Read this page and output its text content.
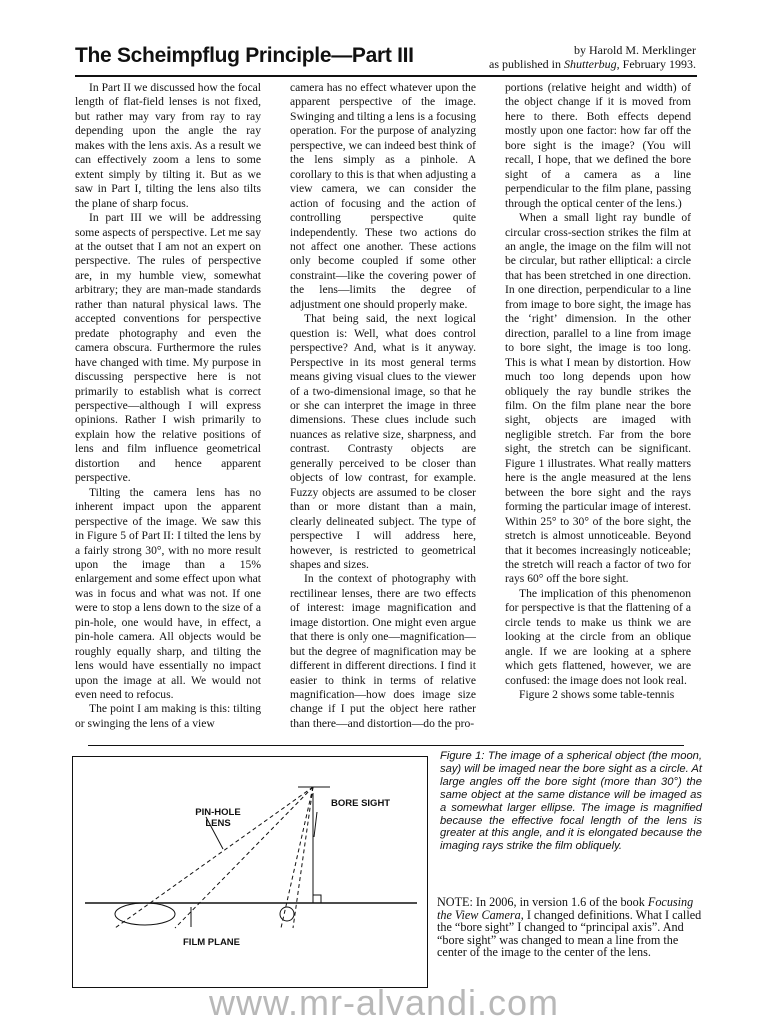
The Scheimpflug Principle—Part III	by Harold M. Merklinger
as published in Shutterbug, February 1993.

In Part II we discussed how the focal length of flat-field lenses is not fixed, but rather may vary from ray to ray depending upon the angle the ray makes with the lens axis. As a result we can effectively zoom a lens to some extent simply by tilting it. But as we saw in Part I, tilting the lens also tilts the plane of sharp focus.

In part III we will be addressing some aspects of perspective. Let me say at the outset that I am not an expert on perspective. The rules of perspective are, in my humble view, somewhat arbitrary; they are man-made standards rather than natural physical laws. The accepted conventions for perspective predate photography and even the camera obscura. Furthermore the rules have changed with time. My purpose in discussing perspective here is not primarily to establish what is correct perspective—although I will express opinions. Rather I wish primarily to explain how the relative positions of lens and film influence geometrical distortion and hence apparent perspective.

Tilting the camera lens has no inherent impact upon the apparent perspective of the image. We saw this in Figure 5 of Part II: I tilted the lens by a fairly strong 30°, with no more result upon the image than a 15% enlargement and some effect upon what was in focus and what was not. If one were to stop a lens down to the size of a pin-hole, one would have, in effect, a pin-hole camera. All objects would be roughly equally sharp, and tilting the lens would have essentially no impact upon the image at all. We would not even need to refocus.

The point I am making is this: tilting or swinging the lens of a view

camera has no effect whatever upon the apparent perspective of the image. Swinging and tilting a lens is a focusing operation. For the purpose of analyzing perspective, we can indeed best think of the lens simply as a pinhole. A corollary to this is that when adjusting a view camera, we can consider the action of focusing and the action of controlling perspective quite independently. These two actions do not affect one another. These actions only become coupled if some other constraint—like the covering power of the lens—limits the degree of adjustment one should properly make.

That being said, the next logical question is: Well, what does control perspective? And, what is it anyway. Perspective in its most general terms means giving visual clues to the viewer of a two-dimensional image, so that he or she can interpret the image in three dimensions. These clues include such nuances as relative size, sharpness, and contrast. Contrasty objects are generally perceived to be closer than objects of low contrast, for example. Fuzzy objects are assumed to be closer than or more distant than a main, clearly delineated subject. The type of perspective I will address here, however, is restricted to geometrical shapes and sizes.

In the context of photography with rectilinear lenses, there are two effects of interest: image magnification and image distortion. One might even argue that there is only one—magnification—but the degree of magnification may be different in different directions. I find it easier to think in terms of relative magnification—how does image size change if I put the object here rather than there—and distortion—do the pro-

portions (relative height and width) of the object change if it is moved from here to there. Both effects depend mostly upon one factor: how far off the bore sight is the image? (You will recall, I hope, that we defined the bore sight of a camera as a line perpendicular to the film plane, passing through the optical center of the lens.)

When a small light ray bundle of circular cross-section strikes the film at an angle, the image on the film will not be circular, but rather elliptical: a circle that has been stretched in one direction. In one direction, perpendicular to a line from image to bore sight, the image has the ‘right’ dimension. In the other direction, parallel to a line from image to bore sight, the image is too long. This is what I mean by distortion. How much too long depends upon how obliquely the ray bundle strikes the film. On the film plane near the bore sight, objects are imaged with negligible stretch. Far from the bore sight, the stretch can be significant. Figure 1 illustrates. What really matters here is the angle measured at the lens between the bore sight and the rays forming the particular image of interest. Within 25° to 30° of the bore sight, the stretch is almost unnoticeable. Beyond that it becomes increasingly noticeable; the stretch will reach a factor of two for rays 60° off the bore sight.

The implication of this phenomenon for perspective is that the flattening of a circle tends to make us think we are looking at the circle from an oblique angle. If we are looking at a sphere which gets flattened, however, we are confused: the image does not look real.

Figure 2 shows some table-tennis

PIN-HOLE
LENS
BORE SIGHT
FILM PLANE
Figure 1: The image of a spherical object (the moon, say) will be imaged near the bore sight as a circle. At large angles off the bore sight (more than 30°) the same object at the same distance will be imaged as a somewhat larger ellipse. The image is magnified because the effective focal length of the lens is greater at this angle, and it is elongated because the imaging rays strike the film obliquely.
NOTE: In 2006, in version 1.6 of the book Focusing the View Camera, I changed definitions. What I called the “bore sight” I changed to “principal axis”. And “bore sight” was changed to mean a line from the center of the image to the center of the lens.
www.mr-alvandi.com
